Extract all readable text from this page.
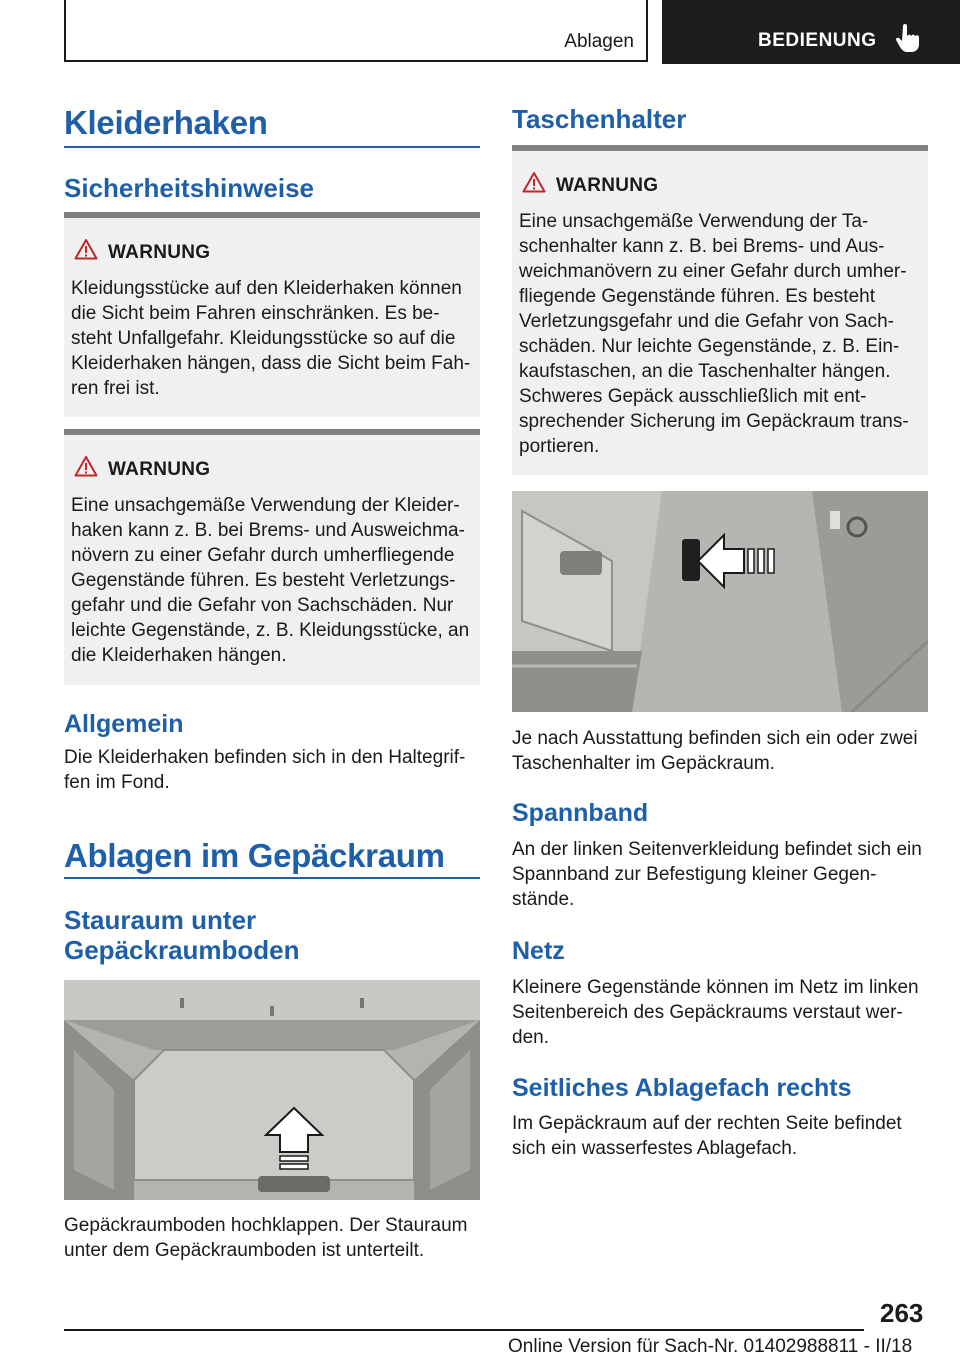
Ablagen	BEDIENUNG
Kleiderhaken
Sicherheitshinweise
WARNUNG
Kleidungsstücke auf den Kleiderhaken können
die Sicht beim Fahren einschränken. Es be-
steht Unfallgefahr. Kleidungsstücke so auf die
Kleiderhaken hängen, dass die Sicht beim Fah-
ren frei ist.
WARNUNG
Eine unsachgemäße Verwendung der Kleider-
haken kann z. B. bei Brems- und Ausweichma-
növern zu einer Gefahr durch umherfliegende
Gegenstände führen. Es besteht Verletzungs-
gefahr und die Gefahr von Sachschäden. Nur
leichte Gegenstände, z. B. Kleidungsstücke, an
die Kleiderhaken hängen.
Allgemein
Die Kleiderhaken befinden sich in den Haltegrif-
fen im Fond.
Ablagen im Gepäckraum
Stauraum unter
Gepäckraumboden
Gepäckraumboden hochklappen. Der Stauraum
unter dem Gepäckraumboden ist unterteilt.
Taschenhalter
WARNUNG
Eine unsachgemäße Verwendung der Ta-
schenhalter kann z. B. bei Brems- und Aus-
weichmanövern zu einer Gefahr durch umher-
fliegende Gegenstände führen. Es besteht
Verletzungsgefahr und die Gefahr von Sach-
schäden. Nur leichte Gegenstände, z. B. Ein-
kaufstaschen, an die Taschenhalter hängen.
Schweres Gepäck ausschließlich mit ent-
sprechender Sicherung im Gepäckraum trans-
portieren.
Je nach Ausstattung befinden sich ein oder zwei
Taschenhalter im Gepäckraum.
Spannband
An der linken Seitenverkleidung befindet sich ein
Spannband zur Befestigung kleiner Gegen-
stände.
Netz
Kleinere Gegenstände können im Netz im linken
Seitenbereich des Gepäckraums verstaut wer-
den.
Seitliches Ablagefach rechts
Im Gepäckraum auf der rechten Seite befindet
sich ein wasserfestes Ablagefach.
263
Online Version für Sach-Nr. 01402988811 - II/18
